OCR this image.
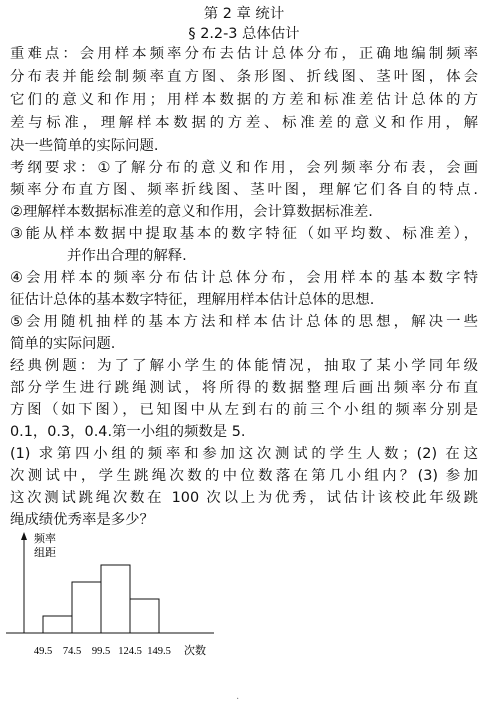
第 2 章 统计
§ 2.2-3 总体估计
重难点：会用样本频率分布去估计总体分布，正确地编制频率
分布表并能绘制频率直方图、条形图、折线图、茎叶图，体会
它们的意义和作用；用样本数据的方差和标准差估计总体的方
差与标准，理解样本数据的方差、标准差的意义和作用，解
决一些简单的实际问题.
考纲要求：①了解分布的意义和作用，会列频率分布表，会画
频率分布直方图、频率折线图、茎叶图，理解它们各自的特点.
②理解样本数据标准差的意义和作用，会计算数据标准差.
③能从样本数据中提取基本的数字特征（如平均数、标准差），
并作出合理的解释.
④会用样本的频率分布估计总体分布，会用样本的基本数字特
征估计总体的基本数字特征，理解用样本估计总体的思想.
⑤会用随机抽样的基本方法和样本估计总体的思想，解决一些
简单的实际问题.
经典例题：为了了解小学生的体能情况，抽取了某小学同年级
部分学生进行跳绳测试，将所得的数据整理后画出频率分布直
方图（如下图），已知图中从左到右的前三个小组的频率分别是
0.1，0.3，0.4.第一小组的频数是 5.
(1) 求第四小组的频率和参加这次测试的学生人数；(2) 在这
次测试中，学生跳绳次数的中位数落在第几小组内？(3) 参加
这次测试跳绳次数在 100 次以上为优秀，试估计该校此年级跳
绳成绩优秀率是多少？
频率
组距
次数
49.5 74.5 99.5 124.5 149.5
·
